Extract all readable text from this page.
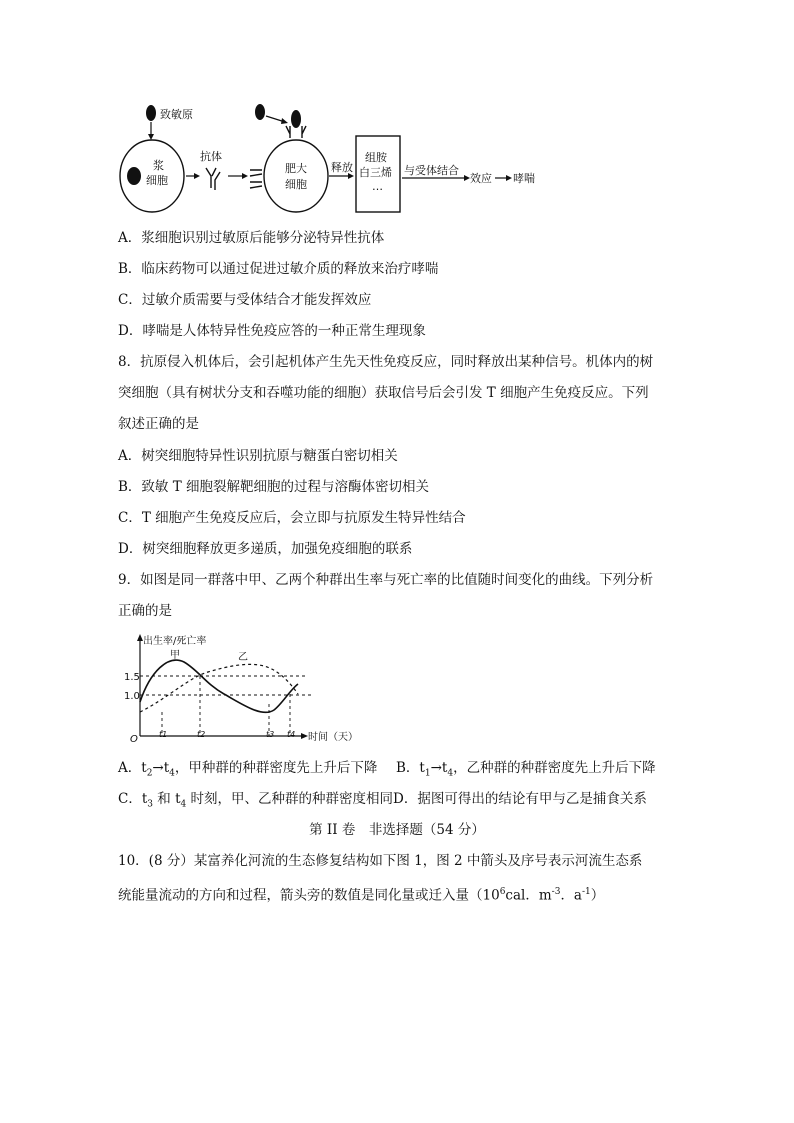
致敏原
浆
细胞
抗体
肥大
细胞
释放
组胺
白三烯
…
与受体结合
效应 哮喘
A．浆细胞识别过敏原后能够分泌特异性抗体
B．临床药物可以通过促进过敏介质的释放来治疗哮喘
C．过敏介质需要与受体结合才能发挥效应
D．哮喘是人体特异性免疫应答的一种正常生理现象
8．抗原侵入机体后，会引起机体产生先天性免疫反应，同时释放出某种信号。机体内的树
突细胞（具有树状分支和吞噬功能的细胞）获取信号后会引发 T 细胞产生免疫反应。下列
叙述正确的是
A．树突细胞特异性识别抗原与糖蛋白密切相关
B．致敏 T 细胞裂解靶细胞的过程与溶酶体密切相关
C．T 细胞产生免疫反应后，会立即与抗原发生特异性结合
D．树突细胞释放更多递质，加强免疫细胞的联系
9．如图是同一群落中甲、乙两个种群出生率与死亡率的比值随时间变化的曲线。下列分析
正确的是
出生率/死亡率
时间（天）
O
1.5
1.0
t1	t2	t3 t4
甲	乙
A．$t_2\to t_4$，甲种群的种群密度先上升后下降 B．$t_1\to t_4$，乙种群的种群密度先上升后下降
C．$t_3$ 和 $t_4$ 时刻，甲、乙种群的种群密度相同D．据图可得出的结论有甲与乙是捕食关系
第 II 卷　非选择题（54 分）
10．(8 分）某富养化河流的生态修复结构如下图 1，图 2 中箭头及序号表示河流生态系
统能量流动的方向和过程，箭头旁的数值是同化量或迁入量（$10^6cal$．$m^{-3}$．$a^{-1}$）
